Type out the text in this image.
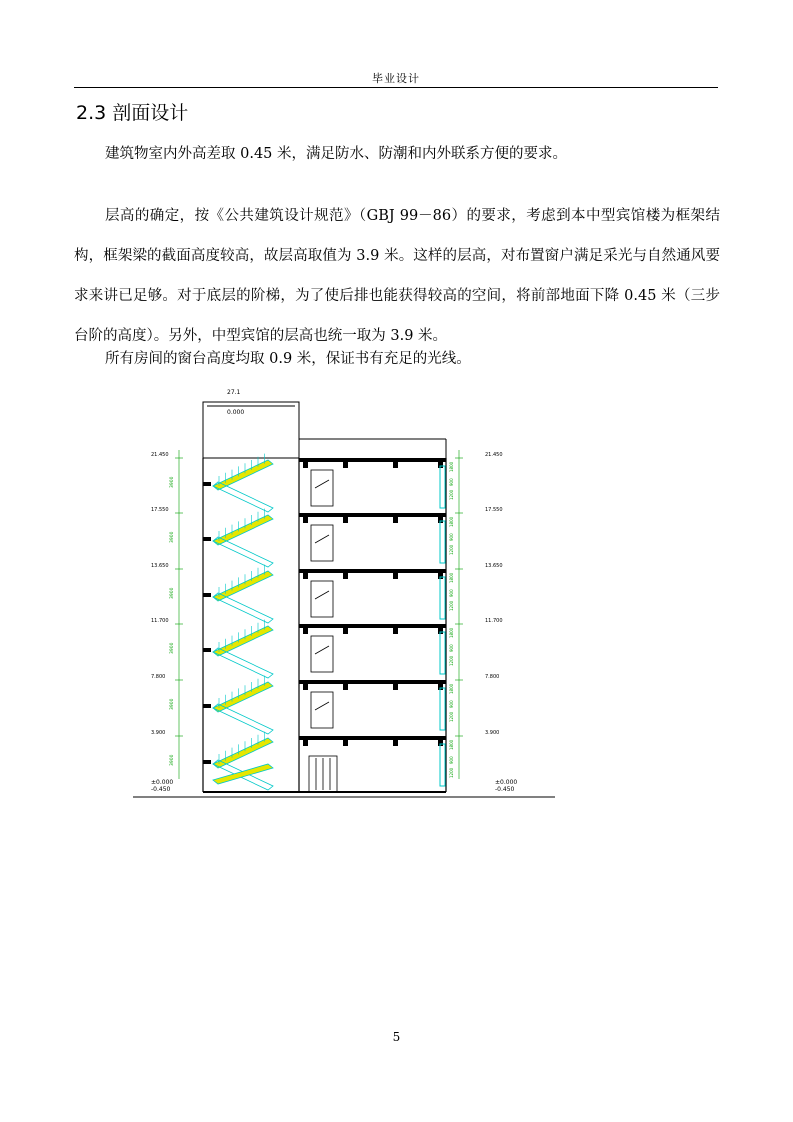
毕业设计
2.3 剖面设计
建筑物室内外高差取 0.45 米，满足防水、防潮和内外联系方便的要求。
层高的确定，按《公共建筑设计规范》（GBJ 99－86）的要求，考虑到本中型宾馆楼为框架结构，框架梁的截面高度较高，故层高取值为 3.9 米。这样的层高，对布置窗户满足采光与自然通风要求来讲已足够。对于底层的阶梯，为了使后排也能获得较高的空间，将前部地面下降 0.45 米（三步台阶的高度）。另外，中型宾馆的层高也统一取为 3.9 米。
所有房间的窗台高度均取 0.9 米，保证书有充足的光线。
27.1
0.000
21.450
3900
17.550
3900
13.650
3900
11.700
3900
7.800
3900
3.900
3900
21.450
1800
900
1200
17.550
1800
900
1200
13.650
1800
900
1200
11.700
1800
900
1200
7.800
1800
900
1200
3.900
1800
900
1200
±0.000
-0.450
±0.000
-0.450
5
